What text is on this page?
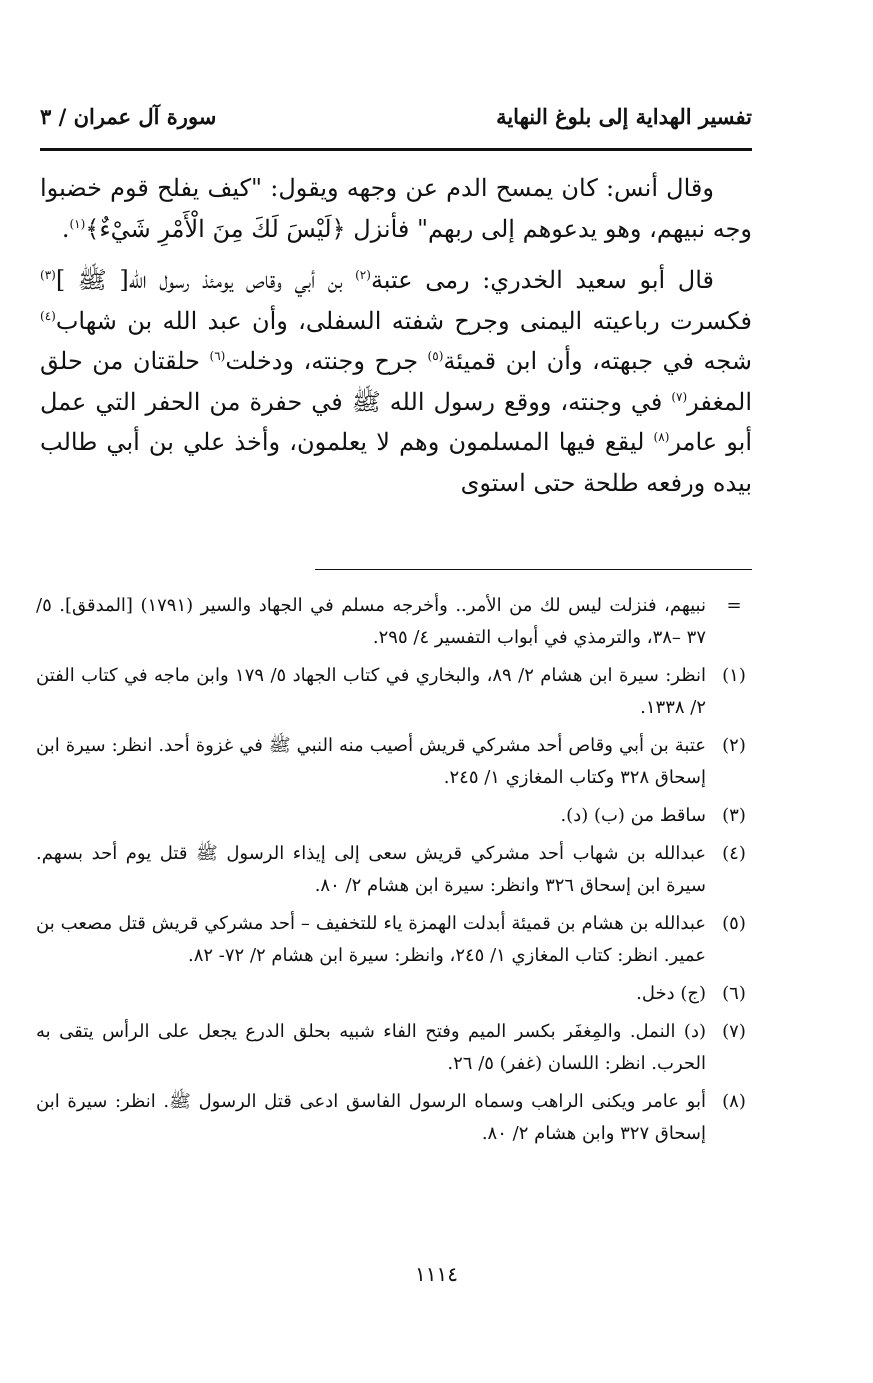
تفسير الهداية إلى بلوغ النهاية
سورة آل عمران / ٣

وقال أنس: كان يمسح الدم عن وجهه ويقول: "كيف يفلح قوم خضبوا وجه نبيهم، وهو يدعوهم إلى ربهم" فأنزل ﴿لَيْسَ لَكَ مِنَ الْأَمْرِ شَيْءٌ﴾$^{(١)}$.

قال أبو سعيد الخدري: رمى عتبة$^{(٢)}$ بن أبي وقاص يومئذ رسول الله[ ﷺ ]$^{(٣)}$ فكسرت رباعيته اليمنى وجرح شفته السفلى، وأن عبد الله بن شهاب$^{(٤)}$ شجه في جبهته، وأن ابن قميئة$^{(٥)}$ جرح وجنته، ودخلت$^{(٦)}$ حلقتان من حلق المغفر$^{(٧)}$ في وجنته، ووقع رسول الله ﷺ في حفرة من الحفر التي عمل أبو عامر$^{(٨)}$ ليقع فيها المسلمون وهم لا يعلمون، وأخذ علي بن أبي طالب بيده ورفعه طلحة حتى استوى

=
نبيهم، فنزلت ليس لك من الأمر.. وأخرجه مسلم في الجهاد والسير (١٧٩١) [المدقق]. ٥/ ٣٧ –٣٨، والترمذي في أبواب التفسير ٤/ ٢٩٥.
(١)
انظر: سيرة ابن هشام ٢/ ٨٩، والبخاري في كتاب الجهاد ٥/ ١٧٩ وابن ماجه في كتاب الفتن ٢/ ١٣٣٨.
(٢)
عتبة بن أبي وقاص أحد مشركي قريش أصيب منه النبي ﷺ في غزوة أحد. انظر: سيرة ابن إسحاق ٣٢٨ وكتاب المغازي ١/ ٢٤٥.
(٣)
ساقط من (ب) (د).
(٤)
عبدالله بن شهاب أحد مشركي قريش سعى إلى إيذاء الرسول ﷺ قتل يوم أحد بسهم. سيرة ابن إسحاق ٣٢٦ وانظر: سيرة ابن هشام ٢/ ٨٠.
(٥)
عبدالله بن هشام بن قميئة أبدلت الهمزة ياء للتخفيف – أحد مشركي قريش قتل مصعب بن عمير. انظر: كتاب المغازي ١/ ٢٤٥، وانظر: سيرة ابن هشام ٢/ ٧٢- ٨٢.
(٦)
(ج) دخل.
(٧)
(د) النمل. والمِغفَر بكسر الميم وفتح الفاء شبيه بحلق الدرع يجعل على الرأس يتقى به الحرب. انظر: اللسان (غفر) ٥/ ٢٦.
(٨)
أبو عامر ويكنى الراهب وسماه الرسول الفاسق ادعى قتل الرسول ﷺ. انظر: سيرة ابن إسحاق ٣٢٧ وابن هشام ٢/ ٨٠.
١١١٤
